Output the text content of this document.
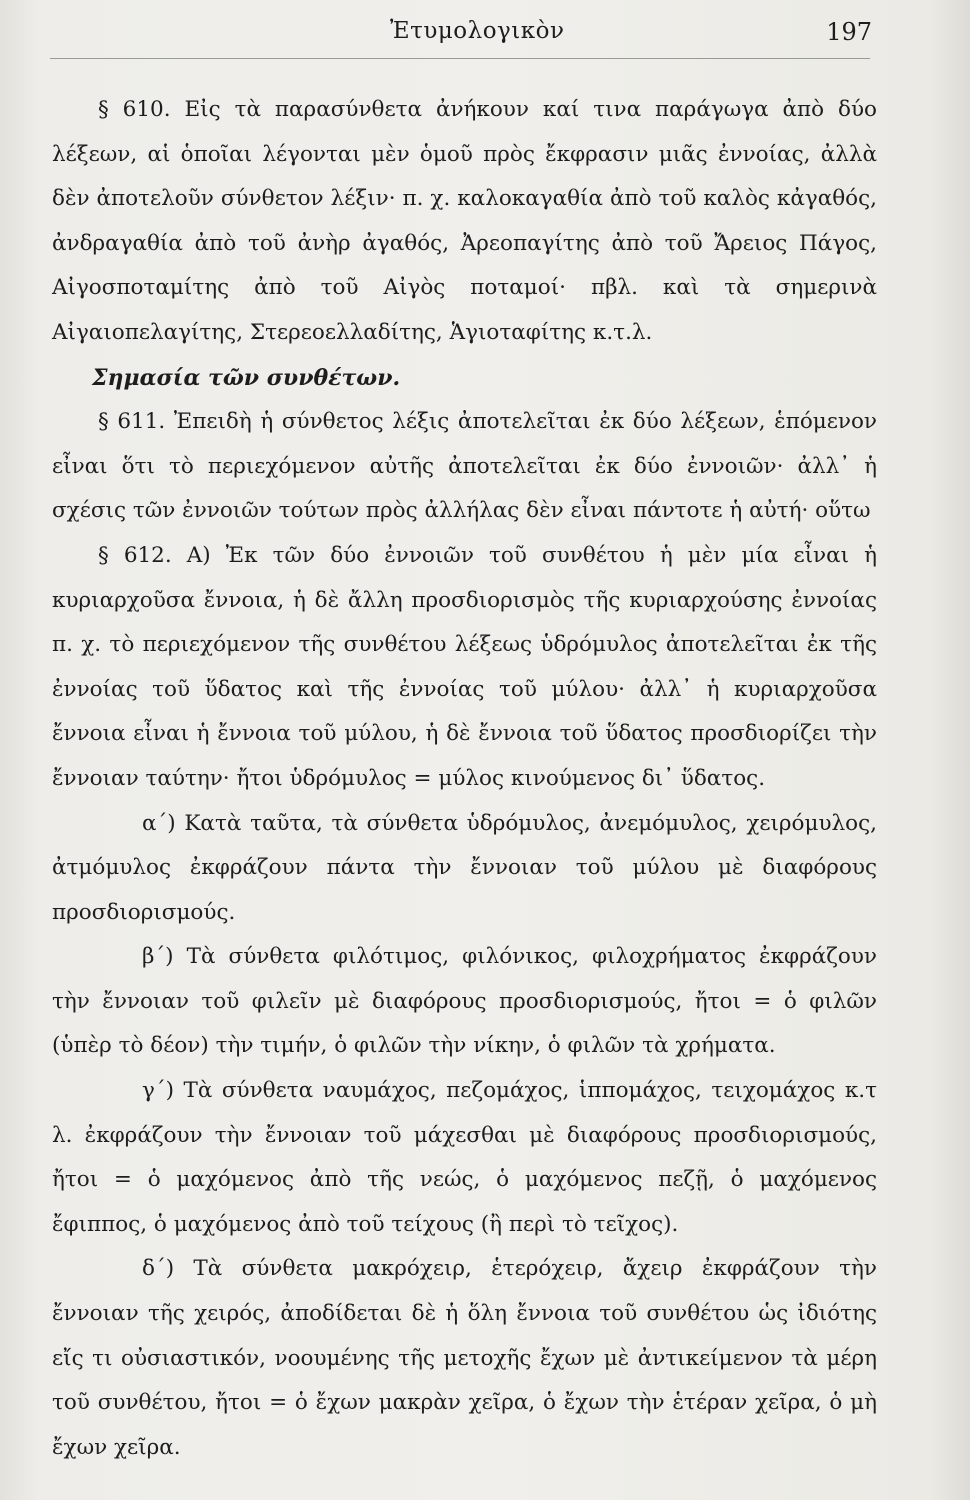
Ἐτυμολογικὸν	197

§ 610. Εἰς τὰ παρασύνθετα ἀνήκουν καί τινα παράγωγα ἀπὸ δύο λέξεων, αἱ ὁποῖαι λέγονται μὲν ὁμοῦ πρὸς ἔκφρασιν μιᾶς ἐννοίας, ἀλλὰ δὲν ἀποτελοῦν σύνθετον λέξιν· π. χ. καλοκαγαθία ἀπὸ τοῦ καλὸς κἀγαθός, ἀνδραγαθία ἀπὸ τοῦ ἀνὴρ ἀγαθός, Ἀρεοπαγίτης ἀπὸ τοῦ Ἄρειος Πάγος, Αἰγοσποταμίτης ἀπὸ τοῦ Αἰγὸς ποταμοί· πβλ. καὶ τὰ σημερινὰ Αἰγαιοπελαγίτης, Στερεοελλαδίτης, Ἁγιοταφίτης κ.τ.λ.

Σημασία τῶν συνθέτων.

§ 611. Ἐπειδὴ ἡ σύνθετος λέξις ἀποτελεῖται ἐκ δύο λέξεων, ἑπόμενον εἶναι ὅτι τὸ περιεχόμενον αὐτῆς ἀποτελεῖται ἐκ δύο ἐννοιῶν· ἀλλ᾽ ἡ σχέσις τῶν ἐννοιῶν τούτων πρὸς ἀλλήλας δὲν εἶναι πάντοτε ἡ αὐτή· οὕτω

§ 612. Α) Ἐκ τῶν δύο ἐννοιῶν τοῦ συνθέτου ἡ μὲν μία εἶναι ἡ κυριαρχοῦσα ἔννοια, ἡ δὲ ἄλλη προσδιορισμὸς τῆς κυριαρχούσης ἐννοίας π. χ. τὸ περιεχόμενον τῆς συνθέτου λέξεως ὑδρόμυλος ἀποτελεῖται ἐκ τῆς ἐννοίας τοῦ ὕδατος καὶ τῆς ἐννοίας τοῦ μύλου· ἀλλ᾽ ἡ κυριαρχοῦσα ἔννοια εἶναι ἡ ἔννοια τοῦ μύλου, ἡ δὲ ἔννοια τοῦ ὕδατος προσδιορίζει τὴν ἔννοιαν ταύτην· ἤτοι ὑδρόμυλος = μύλος κινούμενος δι᾽ ὕδατος.

α΄) Κατὰ ταῦτα, τὰ σύνθετα ὑδρόμυλος, ἀνεμόμυλος, χειρόμυλος, ἀτμόμυλος ἐκφράζουν πάντα τὴν ἔννοιαν τοῦ μύλου μὲ διαφόρους προσδιορισμούς.

β΄) Τὰ σύνθετα φιλότιμος, φιλόνικος, φιλοχρήματος ἐκφράζουν τὴν ἔννοιαν τοῦ φιλεῖν μὲ διαφόρους προσδιορισμούς, ἤτοι = ὁ φιλῶν (ὑπὲρ τὸ δέον) τὴν τιμήν, ὁ φιλῶν τὴν νίκην, ὁ φιλῶν τὰ χρήματα.

γ΄) Τὰ σύνθετα ναυμάχος, πεζομάχος, ἱππομάχος, τειχομάχος κ.τ λ. ἐκφράζουν τὴν ἔννοιαν τοῦ μάχεσθαι μὲ διαφόρους προσδιορισμούς, ἤτοι = ὁ μαχόμενος ἀπὸ τῆς νεώς, ὁ μαχόμενος πεζῇ, ὁ μαχόμενος ἔφιππος, ὁ μαχόμενος ἀπὸ τοῦ τείχους (ἢ περὶ τὸ τεῖχος).

δ΄) Τὰ σύνθετα μακρόχειρ, ἑτερόχειρ, ἄχειρ ἐκφράζουν τὴν ἔννοιαν τῆς χειρός, ἀποδίδεται δὲ ἡ ὅλη ἔννοια τοῦ συνθέτου ὡς ἰδιότης εἴς τι οὐσιαστικόν, νοουμένης τῆς μετοχῆς ἔχων μὲ ἀντικείμενον τὰ μέρη τοῦ συνθέτου, ἤτοι = ὁ ἔχων μακρὰν χεῖρα, ὁ ἔχων τὴν ἑτέραν χεῖρα, ὁ μὴ ἔχων χεῖρα.
